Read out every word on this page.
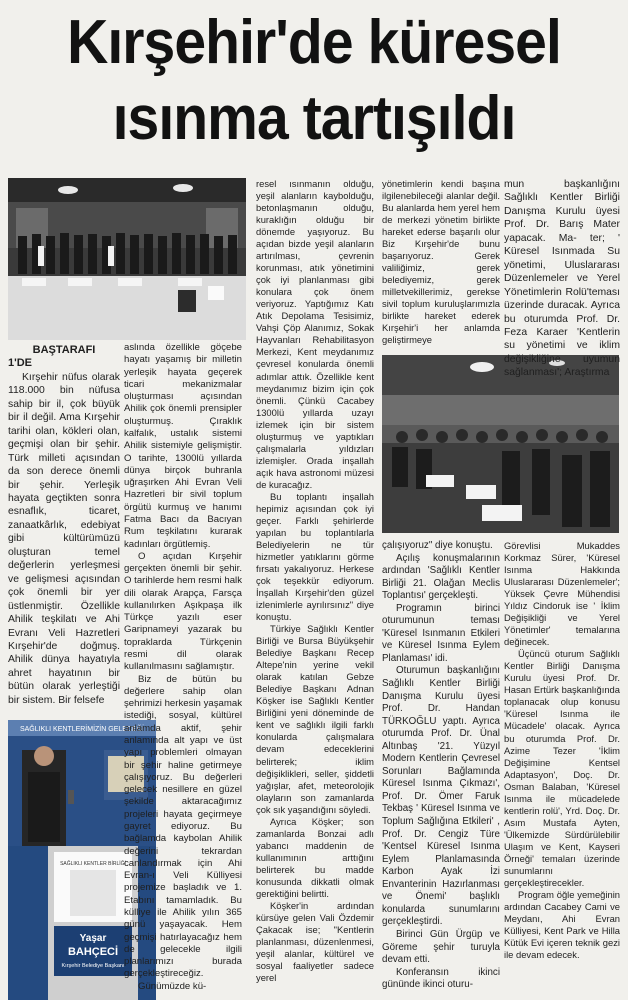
Kırşehir'de küresel
ısınma tartışıldı
SAĞLIKLI KENTLERİMİZİN GELECEĞİ
SAĞLIKLI KENTLER BİRLİĞİ
Yaşar
BAHÇECİ
Kırşehir Belediye Başkanı

BAŞTARAFI

1'DE

Kırşehir nüfus olarak 118.000 bin nüfusa sahip bir il, çok büyük bir il değil. Ama Kırşehir tarihi olan, kökleri olan, geçmişi olan bir şehir. Türk milleti açısından da son derece önemli bir şehir. Yerleşik hayata geçtikten sonra esnaflık, ticaret, zanaatkârlık, edebiyat gibi kültürümüzü oluşturan temel değerlerin yerleşmesi ve gelişmesi açısından çok önemli bir yer üstlenmiştir. Özellikle Ahilik teşkilatı ve Ahi Evranı Veli Hazretleri Kırşehir'de doğmuş. Ahilik dünya hayatıyla ahret hayatının bir bütün olarak yerleştiği bir sistem. Bir felsefe

aslında özellikle göçebe hayatı yaşamış bir milletin yerleşik hayata geçerek ticari mekanizmalar oluşturması açısından Ahilik çok önemli prensipler oluşturmuş. Çıraklık kalfalık, ustalık sistemi Ahilik sistemiyle gelişmiştir. O tarihte, 1300lü yıllarda dünya birçok buhranla uğraşırken Ahi Evran Veli Hazretleri bir sivil toplum örgütü kurmuş ve hanımı Fatma Bacı da Bacıyan Rum teşkilatını kurarak kadınları örgütlemiş.

O açıdan Kırşehir gerçekten önemli bir şehir. O tarihlerde hem resmi halk dili olarak Arapça, Farsça kullanılırken Aşıkpaşa ilk Türkçe yazılı eser Garipnameyi yazarak bu topraklarda Türkçenin resmi dil olarak kullanılmasını sağlamıştır.

Biz de bütün bu değerlere sahip olan şehrimizi herkesin yaşamak istediği, sosyal, kültürel anlamda aktif, şehir anlamında alt yapı ve üst yapı problemleri olmayan bir şehir haline getirmeye çalışıyoruz. Bu değerleri gelecek nesillere en güzel şekilde aktaracağımız projeleri hayata geçirmeye gayret ediyoruz. Bu bağlamda kaybolan Ahilik değerini tekrardan canlandırmak için Ahi Evran-ı Veli Külliyesi projemize başladık ve 1. Etabını tamamladık. Bu külliye ile Ahilik yılın 365 günü yaşayacak. Hem geçmişi hatırlayacağız hem de gelecekle ilgili planlarımızı burada gerçekleştireceğiz.

Günümüzde kü-

resel ısınmanın olduğu, yeşil alanların kaybolduğu, betonlaşmanın olduğu, kuraklığın olduğu bir dönemde yaşıyoruz. Bu açıdan bizde yeşil alanların artırılması, çevrenin korunması, atık yönetimini çok iyi planlanması gibi konulara çok önem veriyoruz. Yaptığımız Katı Atık Depolama Tesisimiz, Vahşi Çöp Alanımız, Sokak Hayvanları Rehabilitasyon Merkezi, Kent meydanımız çevresel konularda önemli adımlar attık. Özellikle kent meydanımız bizim için çok önemli. Çünkü Cacabey 1300lü yıllarda uzayı izlemek için bir sistem oluşturmuş ve yaptıkları çalışmalarla yıldızları izlemişler. Orada inşallah açık hava astronomi müzesi de kuracağız.

Bu toplantı inşallah hepimiz açısından çok iyi geçer. Farklı şehirlerde yapılan bu toplantılarla Belediyelerin ne tür hizmetler yatıklarını görme fırsatı yakalıyoruz. Herkese çok teşekkür ediyorum. İnşallah Kırşehir'den güzel izlenimlerle ayrılırsınız" diye konuştu.

Türkiye Sağlıklı Kentler Birliği ve Bursa Büyükşehir Belediye Başkanı Recep Altepe'nin yerine vekil olarak katılan Gebze Belediye Başkanı Adnan Köşker ise Sağlıklı Kentler Birliğini yeni döneminde de kent ve sağlıklı ilgili farklı konularda çalışmalara devam edeceklerini belirterek; iklim değişiklikleri, seller, şiddetli yağışlar, afet, meteorolojik olayların son zamanlarda çok sık yaşandığını söyledi.

Ayrıca Köşker; son zamanlarda Bonzai adlı yabancı maddenin de kullanımının arttığını belirterek bu madde konusunda dikkatli olmak gerektiğini belirtti.

Köşker'in ardından kürsüye gelen Vali Özdemir Çakacak ise; "Kentlerin planlanması, düzenlenmesi, yeşil alanlar, kültürel ve sosyal faaliyetler sadece yerel

yönetimlerin kendi başına ilgilenebileceği alanlar değil. Bu alanlarda hem yerel hem de merkezi yönetim birlikte hareket ederse başarılı olur Biz Kırşehir'de bunu başarıyoruz. Gerek valiliğimiz, gerek belediyemiz, gerek milletvekillerimiz, gerekse sivil toplum kuruluşlarımızla birlikte hareket ederek Kırşehir'i her anlamda geliştirmeye

mun başkanlığını Sağlıklı Kentler Birliği Danışma Kurulu üyesi Prof. Dr. Barış Mater yapacak. Ma- ter; ' Küresel Isınmada Su yönetimi, Uluslararası Düzenlemeler ve Yerel Yönetimlerin Rolü'teması üzerinde duracak. Ayrıca bu oturumda Prof. Dr. Feza Karaer 'Kentlerin su yönetimi ve iklim değişikliğine uyumun sağlanması'; Araştırma

çalışıyoruz" diye konuştu.

Açılış konuşmalarının ardından 'Sağlıklı Kentler Birliği 21. Olağan Meclis Toplantısı' gerçekleşti.

Programın birinci oturumunun teması 'Küresel Isınmanın Etkileri ve Küresel Isınma Eylem Planlaması' idi.

Oturumun başkanlığını Sağlıklı Kentler Birliği Danışma Kurulu üyesi Prof. Dr. Handan TÜRKOĞLU yaptı. Ayrıca oturumda Prof. Dr. Ünal Altınbaş '21. Yüzyıl Modern Kentlerin Çevresel Sorunları Bağlamında Küresel Isınma Çıkmazı', Prof. Dr. Ömer Faruk Tekbaş ' Küresel Isınma ve Toplum Sağlığına Etkileri' , Prof. Dr. Cengiz Türe 'Kentsel Küresel Isınma Eylem Planlamasında Karbon Ayak İzi Envanterinin Hazırlanması ve Önemi' başlıklı konularda sunumlarını gerçekleştirdi.

Birinci Gün Ürgüp ve Göreme şehir turuyla devam etti.

Konferansın ikinci gününde ikinci oturu-

Görevlisi Mukaddes Korkmaz Sürer, 'Küresel Isınma Hakkında Uluslararası Düzenlemeler'; Yüksek Çevre Mühendisi Yıldız Cindoruk ise ' İklim Değişikliği ve Yerel Yönetimler' temalarına değinecek.

Üçüncü oturum Sağlıklı Kentler Birliği Danışma Kurulu üyesi Prof. Dr. Hasan Ertürk başkanlığında toplanacak olup konusu 'Küresel Isınma ile Mücadele' olacak. Ayrıca bu oturumda Prof. Dr. Azime Tezer 'İklim Değişimine Kentsel Adaptasyon', Doç. Dr. Osman Balaban, 'Küresel Isınma ile mücadelede kentlerin rolü', Yrd. Doç. Dr. Asım Mustafa Ayten, 'Ülkemizde Sürdürülebilir Ulaşım ve Kent, Kayseri Örneği' temaları üzerinde sunumlarını gerçekleştirecekler.

Program öğle yemeğinin ardından Cacabey Cami ve Meydanı, Ahi Evran Külliyesi, Kent Park ve Hilla Kütük Evi içeren teknik gezi ile devam edecek.
